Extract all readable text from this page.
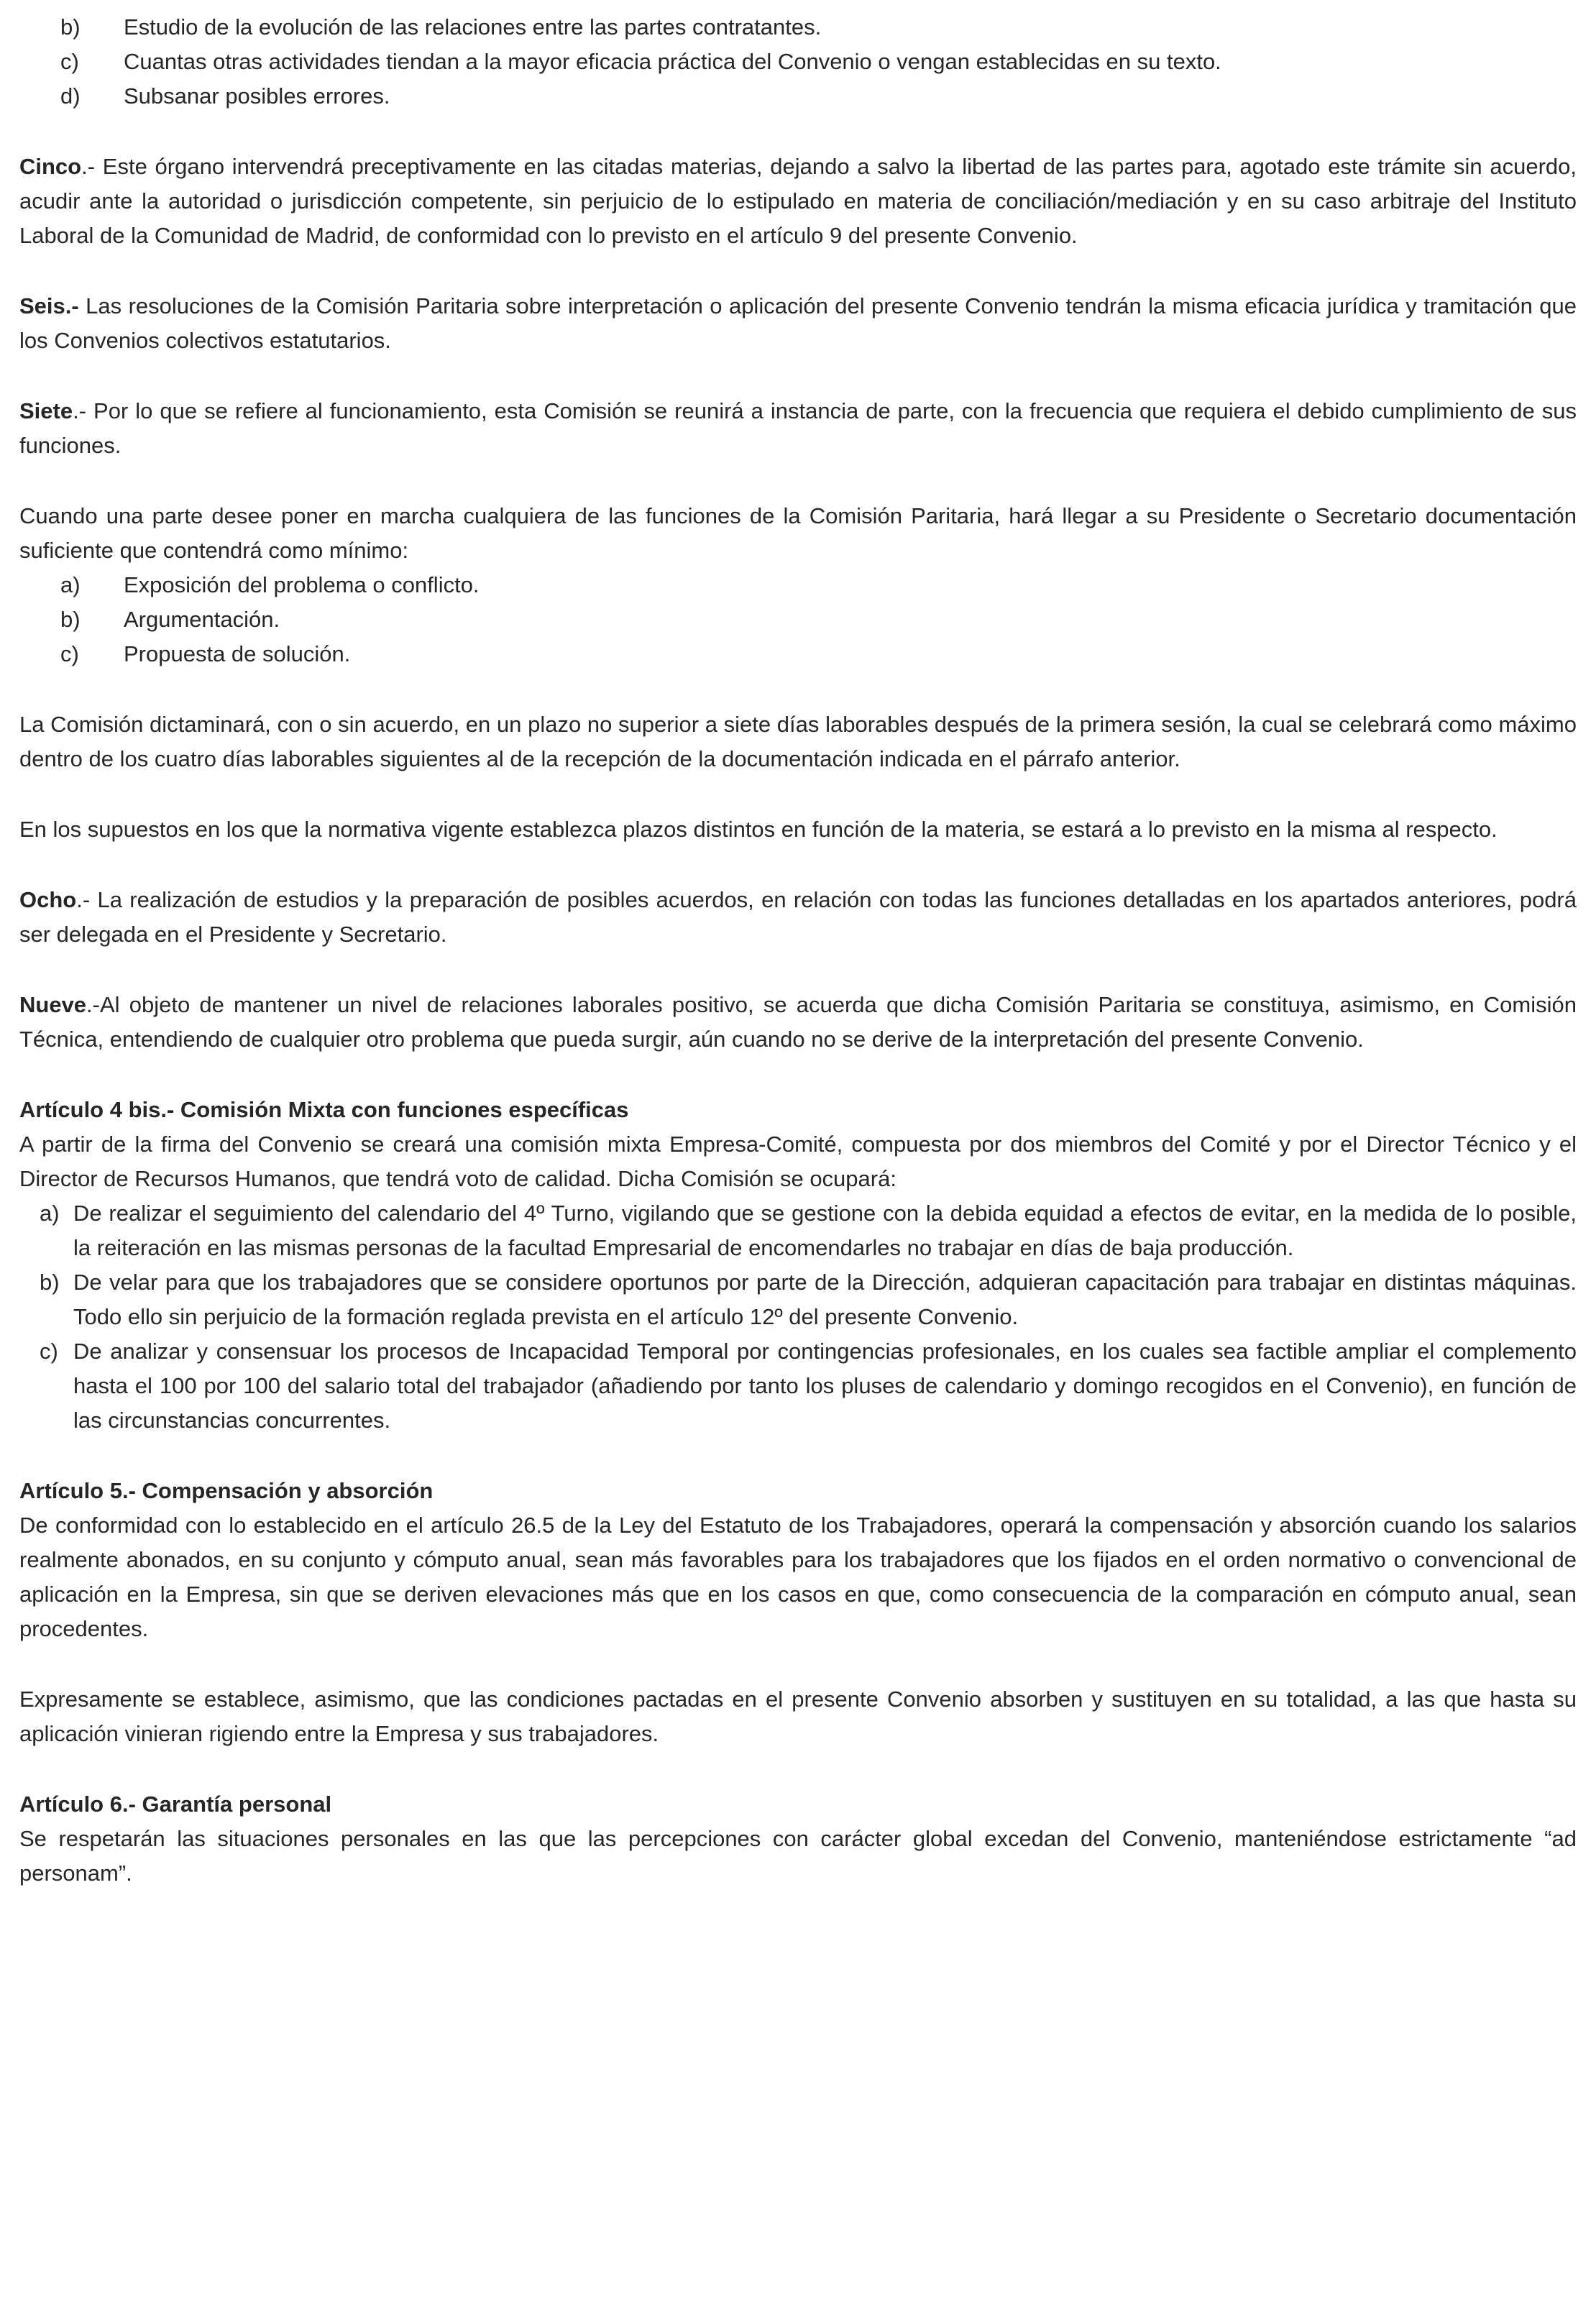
b) Estudio de la evolución de las relaciones entre las partes contratantes.
c) Cuantas otras actividades tiendan a la mayor eficacia práctica del Convenio o vengan establecidas en su texto.
d) Subsanar posibles errores.

Cinco.- Este órgano intervendrá preceptivamente en las citadas materias, dejando a salvo la libertad de las partes para, agotado este trámite sin acuerdo, acudir ante la autoridad o jurisdicción competente, sin perjuicio de lo estipulado en materia de conciliación/mediación y en su caso arbitraje del Instituto Laboral de la Comunidad de Madrid, de conformidad con lo previsto en el artículo 9 del presente Convenio.

Seis.- Las resoluciones de la Comisión Paritaria sobre interpretación o aplicación del presente Convenio tendrán la misma eficacia jurídica y tramitación que los Convenios colectivos estatutarios.

Siete.- Por lo que se refiere al funcionamiento, esta Comisión se reunirá a instancia de parte, con la frecuencia que requiera el debido cumplimiento de sus funciones.

Cuando una parte desee poner en marcha cualquiera de las funciones de la Comisión Paritaria, hará llegar a su Presidente o Secretario documentación suficiente que contendrá como mínimo:

a) Exposición del problema o conflicto.
b) Argumentación.
c) Propuesta de solución.

La Comisión dictaminará, con o sin acuerdo, en un plazo no superior a siete días laborables después de la primera sesión, la cual se celebrará como máximo dentro de los cuatro días laborables siguientes al de la recepción de la documentación indicada en el párrafo anterior.

En los supuestos en los que la normativa vigente establezca plazos distintos en función de la materia, se estará a lo previsto en la misma al respecto.

Ocho.- La realización de estudios y la preparación de posibles acuerdos, en relación con todas las funciones detalladas en los apartados anteriores, podrá ser delegada en el Presidente y Secretario.

Nueve.-Al objeto de mantener un nivel de relaciones laborales positivo, se acuerda que dicha Comisión Paritaria se constituya, asimismo, en Comisión Técnica, entendiendo de cualquier otro problema que pueda surgir, aún cuando no se derive de la interpretación del presente Convenio.

Artículo 4 bis.- Comisión Mixta con funciones específicas

A partir de la firma del Convenio se creará una comisión mixta Empresa-Comité, compuesta por dos miembros del Comité y por el Director Técnico y el Director de Recursos Humanos, que tendrá voto de calidad. Dicha Comisión se ocupará:

a) De realizar el seguimiento del calendario del 4º Turno, vigilando que se gestione con la debida equidad a efectos de evitar, en la medida de lo posible, la reiteración en las mismas personas de la facultad Empresarial de encomendarles no trabajar en días de baja producción.
b) De velar para que los trabajadores que se considere oportunos por parte de la Dirección, adquieran capacitación para trabajar en distintas máquinas. Todo ello sin perjuicio de la formación reglada prevista en el artículo 12º del presente Convenio.
c) De analizar y consensuar los procesos de Incapacidad Temporal por contingencias profesionales, en los cuales sea factible ampliar el complemento hasta el 100 por 100 del salario total del trabajador (añadiendo por tanto los pluses de calendario y domingo recogidos en el Convenio), en función de las circunstancias concurrentes.

Artículo 5.- Compensación y absorción

De conformidad con lo establecido en el artículo 26.5 de la Ley del Estatuto de los Trabajadores, operará la compensación y absorción cuando los salarios realmente abonados, en su conjunto y cómputo anual, sean más favorables para los trabajadores que los fijados en el orden normativo o convencional de aplicación en la Empresa, sin que se deriven elevaciones más que en los casos en que, como consecuencia de la comparación en cómputo anual, sean procedentes.

Expresamente se establece, asimismo, que las condiciones pactadas en el presente Convenio absorben y sustituyen en su totalidad, a las que hasta su aplicación vinieran rigiendo entre la Empresa y sus trabajadores.

Artículo 6.- Garantía personal

Se respetarán las situaciones personales en las que las percepciones con carácter global excedan del Convenio, manteniéndose estrictamente “ad personam”.
